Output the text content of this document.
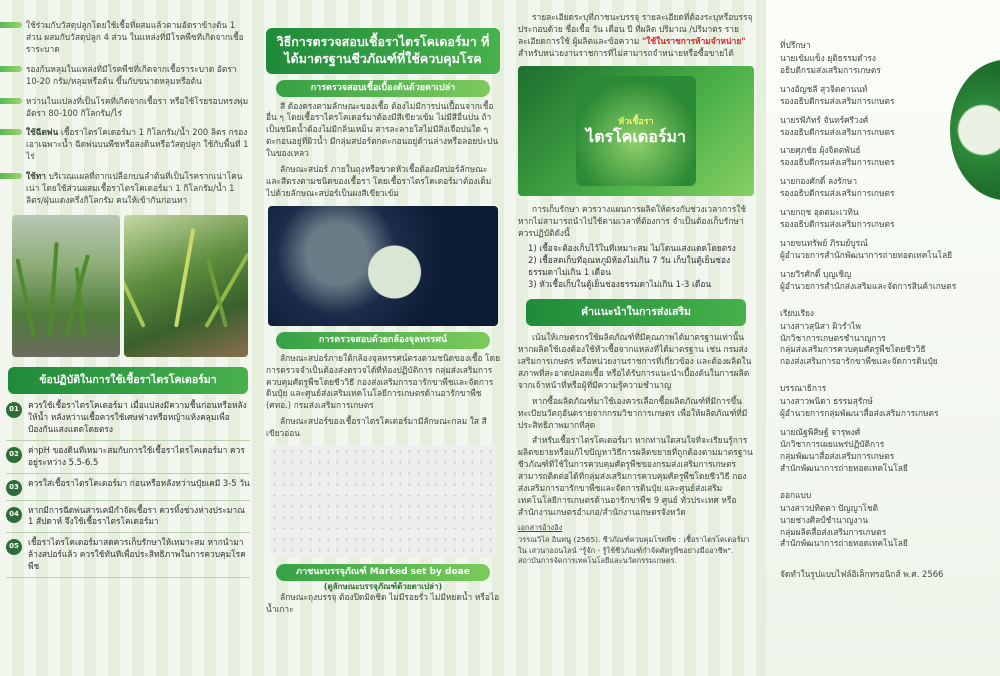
ใช้ร่วมกับวัสดุปลูกโดยใช้เชื้อที่ผสมแล้วตามอัตราข้างต้น 1 ส่วน ผสมกับวัสดุปลูก 4 ส่วน ในแหล่งที่มีโรคพืชที่เกิดจากเชื้อราระบาด
รองก้นหลุมในแหล่งที่มีโรคพืชที่เกิดจากเชื้อราระบาด อัตรา 10-20 กรัม/หลุมหรือต้น ขึ้นกับขนาดหลุมหรือต้น
หว่านในแปลงที่เป็นโรคที่เกิดจากเชื้อรา หรือใช้โรยรอบทรงพุ่ม อัตรา 80-100 กิโลกรัม/ไร่
ใช้ฉีดพ่น เชื้อราไตรโคเดอร์มา 1 กิโลกรัม/น้ำ 200 ลิตร กรองเอาเฉพาะน้ำ ฉีดพ่นบนพืชหรือลงดินหรือวัสดุปลูก ใช้กับพื้นที่ 1 ไร่
ใช้ทา บริเวณแผลที่ถากเปลือกบนลำต้นที่เป็นโรครากเน่าโคนเน่า โดยใช้ส่วนผสมเชื้อราไตรโคเดอร์มา 1 กิโลกรัม/น้ำ 1 ลิตร/ฝุ่นแดงครึ่งกิโลกรัม คนให้เข้ากันก่อนทา
ข้อปฏิบัติในการใช้เชื้อราไตรโคเดอร์มา
01	ควรใช้เชื้อราไตรโคเดอร์มา เมื่อแปลงมีความชื้นก่อนหรือหลังให้น้ำ หลังหว่านเชื้อควรใช้เศษฟางหรือหญ้าแห้งคลุมเพื่อป้องกันแสงแดดโดยตรง
02	ค่าpH ของดินที่เหมาะสมกับการใช้เชื้อราไตรโคเดอร์มา ควรอยู่ระหว่าง 5.5-6.5
03	ควรใส่เชื้อราไตรโคเดอร์มา ก่อนหรือหลังหว่านปุ๋ยเคมี 3-5 วัน
04	หากมีการฉีดพ่นสารเคมีกำจัดเชื้อรา ควรทิ้งช่วงห่างประมาณ 1 สัปดาห์ จึงใช้เชื้อราไตรโคเดอร์มา
05	เชื้อราไตรโคเดอร์มาสดควรเก็บรักษาให้เหมาะสม หากนำมาล้างสปอร์แล้ว ควรใช้ทันทีเพื่อประสิทธิภาพในการควบคุมโรคพืช
วิธีการตรวจสอบเชื้อราไตรโคเดอร์มา ที่ได้มาตรฐานชีวภัณฑ์ที่ใช้ควบคุมโรค
การตรวจสอบเชื้อเบื้องต้นด้วยตาเปล่า

สี ต้องตรงตามลักษณะของเชื้อ ต้องไม่มีการปนเปื้อนจากเชื้ออื่น ๆ โดยเชื้อราไตรโคเดอร์มาต้องมีสีเขียวเข้ม ไม่มีสีอื่นปน ถ้าเป็นชนิดน้ำต้องไม่มีกลิ่นเหม็น สารละลายใสไม่มีสิ่งเจือปนใด ๆ ตะกอนอยู่ที่ผิวน้ำ มีกลุ่มสปอร์ตกตะกอนอยู่ด้านล่างหรือลอยปะปนในของเหลว

ลักษณะสปอร์ ภายในถุงหรือขวดหัวเชื้อต้องมีสปอร์ลักษณะและสีตรงตามชนิดของเชื้อรา โดยเชื้อราไตรโคเดอร์มาต้องเต็มไปด้วยลักษณะสปอร์เป็นผงสีเขียวเข้ม

การตรวจสอบด้วยกล้องจุลทรรศน์

ลักษณะสปอร์ภายใต้กล้องจุลทรรศน์ตรงตามชนิดของเชื้อ โดยการตรวจจำเป็นต้องส่งตรวจได้ที่ห้องปฏิบัติการ กลุ่มส่งเสริมการควบคุมศัตรูพืชโดยชีววิธี กองส่งเสริมการอารักขาพืชและจัดการดินปุ๋ย และศูนย์ส่งเสริมเทคโนโลยีการเกษตรด้านอารักขาพืช (ศทอ.) กรมส่งเสริมการเกษตร

ลักษณะสปอร์ของเชื้อราไตรโคเดอร์มามีลักษณะกลม ใส สีเขียวอ่อน

ภาชนะบรรจุภัณฑ์ Marked set by doae
(ดูลักษณะบรรจุภัณฑ์ด้วยตาเปล่า)

ลักษณะถุงบรรจุ ต้องปิดมิดชิด ไม่มีรอยรั่ว ไม่มีหยดน้ำ หรือไอน้ำเกาะ

รายละเอียดระบุที่ภาชนะบรรจุ รายละเอียดที่ต้องระบุหรือบรรจุประกอบด้วย ชื่อเชื้อ วัน เดือน ปี ที่ผลิต ปริมาณ /ปริมาตร รายละเอียดการใช้ ผู้ผลิตและข้อความ "ใช้ในราชการห้ามจำหน่าย" สำหรับหน่วยงานราชการที่ไม่สามารถจำหน่ายหรือซื้อขายได้

หัวเชื้อรา
ไตรโคเดอร์มา

การเก็บรักษา ควรวางแผนการผลิตให้ตรงกับช่วงเวลาการใช้หากไม่สามารถนำไปใช้ตามเวลาที่ต้องการ จำเป็นต้องเก็บรักษา ควรปฏิบัติดังนี้

1) เชื้อจะต้องเก็บไว้ในที่เหมาะสม ไม่โดนแสงแดดโดยตรง
2) เชื้อสดเก็บที่อุณหภูมิห้องไม่เกิน 7 วัน เก็บในตู้เย็นช่องธรรมดาไม่เกิน 1 เดือน
3) หัวเชื้อเก็บในตู้เย็นช่องธรรมดาไม่เกิน 1-3 เดือน
คำแนะนำในการส่งเสริม

เน้นให้เกษตรกรใช้ผลิตภัณฑ์ที่มีคุณภาพได้มาตรฐานเท่านั้น หากผลิตใช้เองต้องใช้หัวเชื้อจากแหล่งที่ได้มาตรฐาน เช่น กรมส่งเสริมการเกษตร หรือหน่วยงานราชการที่เกี่ยวข้อง และต้องผลิตในสภาพที่สะอาดปลอดเชื้อ หรือได้รับการแนะนำเบื้องต้นในการผลิตจากเจ้าหน้าที่หรือผู้ที่มีความรู้ความชำนาญ

หากซื้อผลิตภัณฑ์มาใช้เองควรเลือกซื้อผลิตภัณฑ์ที่มีการขึ้นทะเบียนวัตถุอันตรายจากกรมวิชาการเกษตร เพื่อให้ผลิตภัณฑ์ที่มีประสิทธิภาพมากที่สุด

สำหรับเชื้อราไตรโคเดอร์มา หากท่านใดสนใจที่จะเรียนรู้การผลิตขยายหรือแก้ไขปัญหาวิธีการผลิตขยายที่ถูกต้องตามมาตรฐานชีวภัณฑ์ที่ใช้ในการควบคุมศัตรูพืชของกรมส่งเสริมการเกษตร สามารถติดต่อได้ที่กลุ่มส่งเสริมการควบคุมศัตรูพืชโดยชีววิธี กองส่งเสริมการอารักขาพืชและจัดการดินปุ๋ย และศูนย์ส่งเสริมเทคโนโลยีการเกษตรด้านอารักขาพืช 9 ศูนย์ ทั่วประเทศ หรือสำนักงานเกษตรอำเภอ/สำนักงานเกษตรจังหวัด

เอกสารอ้างอิง
วรรณวิไล อินทนู (2565). ชีวภัณฑ์ควบคุมโรคพืช : เชื้อราไตรโคเดอร์มา ใน เสวนาออนไลน์ "รู้จัก - รู้ใช้ชีวภัณฑ์กำจัดศัตรูพืชอย่างมืออาชีพ". สถาบันการจัดการเทคโนโลยีและนวัตกรรมเกษตร.
ที่ปรึกษา
นายเข้มแข็ง ยุติธรรมดำรง
อธิบดีกรมส่งเสริมการเกษตร
นางอัญชลี สุวจิตตานนท์
รองอธิบดีกรมส่งเสริมการเกษตร
นายรพีภัทร์ จันทร์ศรีวงศ์
รองอธิบดีกรมส่งเสริมการเกษตร
นายศุภชัย ผุ้งจิตตพันธ์
รองอธิบดีกรมส่งเสริมการเกษตร
นายกองศักดิ์ ลงรักษา
รองอธิบดีกรมส่งเสริมการเกษตร
นายกฤช อุตตมะเวทิน
รองอธิบดีกรมส่งเสริมการเกษตร
นายขนทรัพย์ ภิรมย์บูรณ์
ผู้อำนวยการสำนักพัฒนาการถ่ายทอดเทคโนโลยี
นายวีรศักดิ์ บุญเชิญ
ผู้อำนวยการสำนักส่งเสริมและจัดการสินค้าเกษตร
เรียบเรียง
นางสาวสุนิสา ผิวรำไพ
นักวิชาการเกษตรชำนาญการ
กลุ่มส่งเสริมการควบคุมศัตรูพืชโดยชีววิธี
กองส่งเสริมการอารักขาพืชและจัดการดินปุ๋ย
บรรณาธิการ
นางสาวพนิดา ธรรมสุรักษ์
ผู้อำนวยการกลุ่มพัฒนาสื่อส่งเสริมการเกษตร
นายณัฐพิสิษฐ์ จารุพงศ์
นักวิชาการเผยแพร่ปฏิบัติการ
กลุ่มพัฒนาสื่อส่งเสริมการเกษตร
สำนักพัฒนาการถ่ายทอดเทคโนโลยี
ออกแบบ
นางสาวปทิตตา ปัญญาโชติ
นายช่างศิลป์ชำนาญงาน
กลุ่มผลิตสื่อส่งเสริมการเกษตร
สำนักพัฒนาการถ่ายทอดเทคโนโลยี
จัดทำในรูปแบบไฟล์อิเล็กทรอนิกส์ พ.ศ. 2566
